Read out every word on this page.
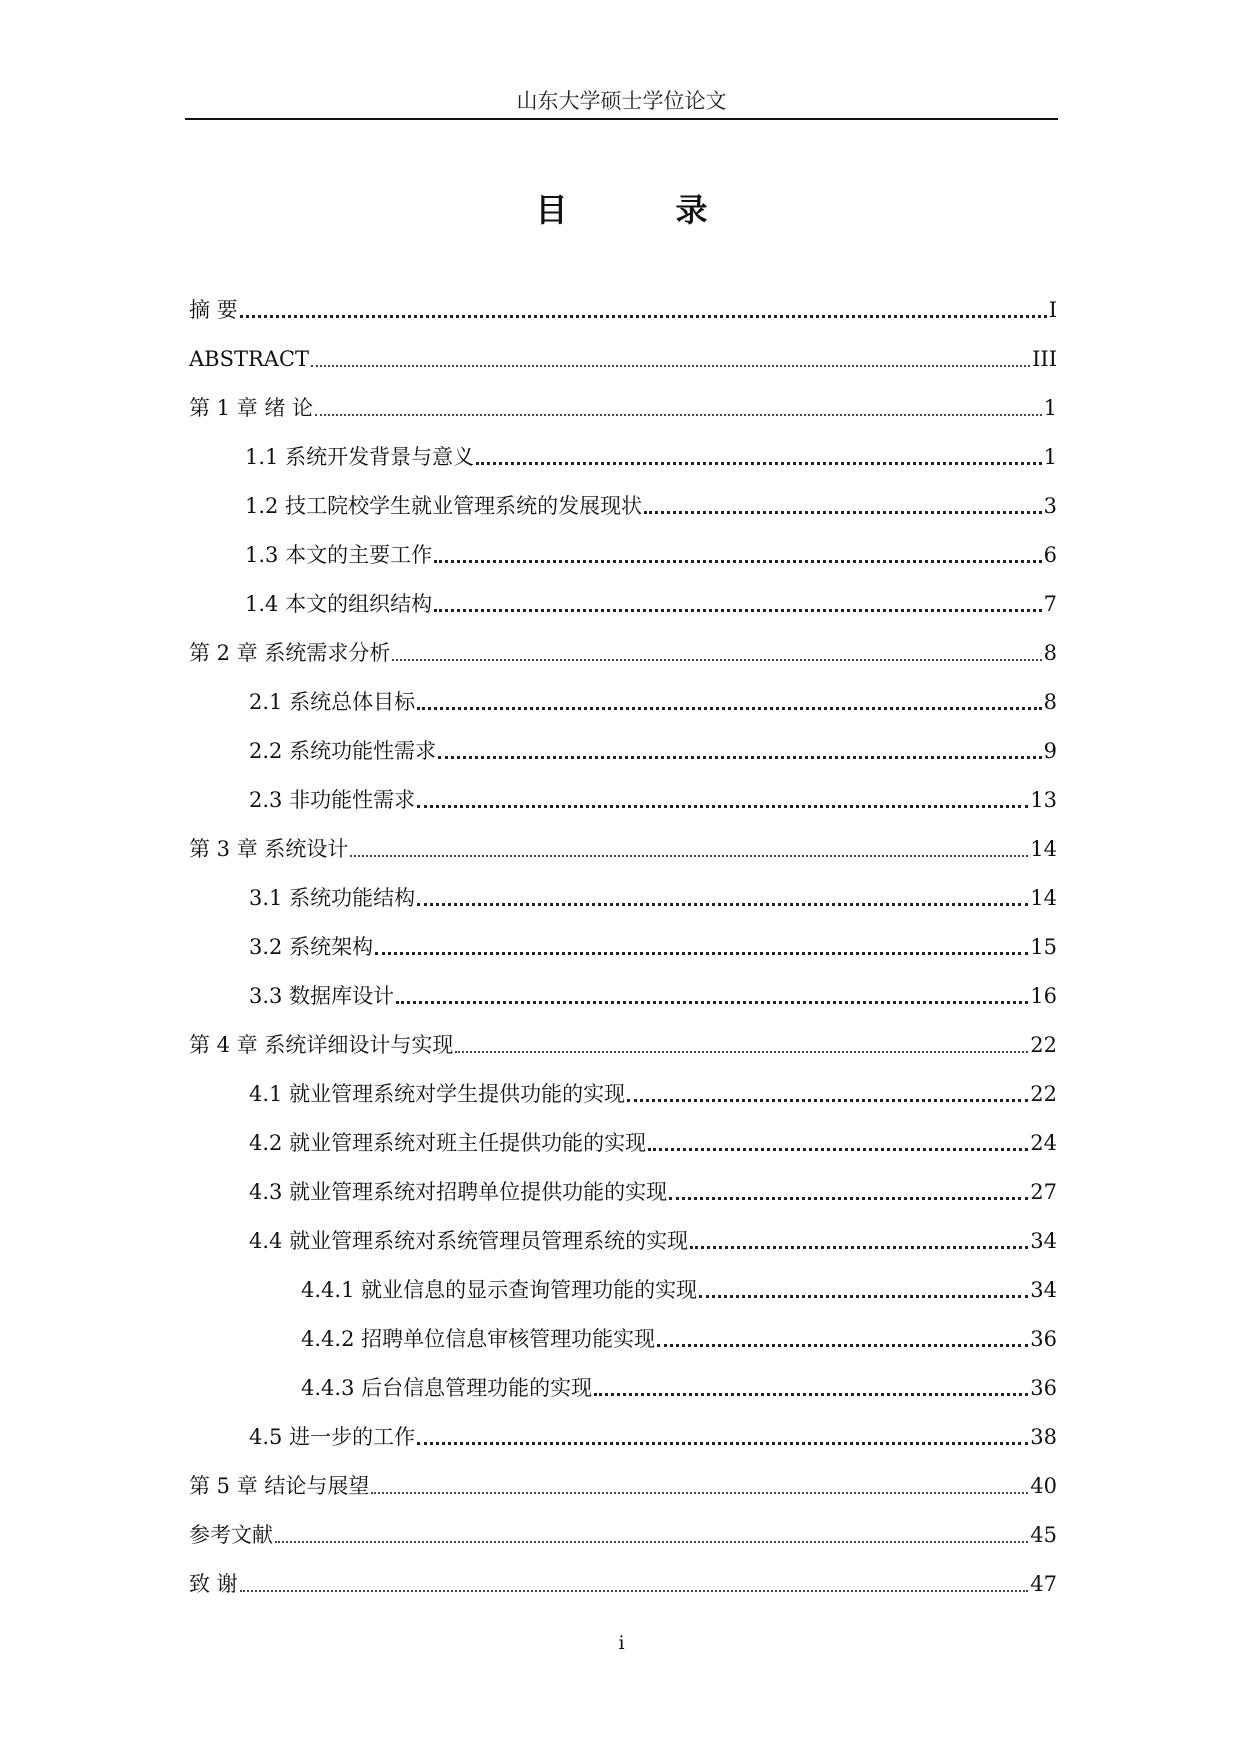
山东大学硕士学位论文
目　录
摘 要	I
ABSTRACT	III
第 1 章 绪 论	1
1.1 系统开发背景与意义	1
1.2 技工院校学生就业管理系统的发展现状	3
1.3 本文的主要工作	6
1.4 本文的组织结构	7
第 2 章 系统需求分析	8
2.1 系统总体目标	8
2.2 系统功能性需求	9
2.3 非功能性需求	13
第 3 章 系统设计	14
3.1 系统功能结构	14
3.2 系统架构	15
3.3 数据库设计	16
第 4 章 系统详细设计与实现	22
4.1 就业管理系统对学生提供功能的实现	22
4.2 就业管理系统对班主任提供功能的实现	24
4.3 就业管理系统对招聘单位提供功能的实现	27
4.4 就业管理系统对系统管理员管理系统的实现	34
4.4.1 就业信息的显示查询管理功能的实现	34
4.4.2 招聘单位信息审核管理功能实现	36
4.4.3 后台信息管理功能的实现	36
4.5 进一步的工作	38
第 5 章 结论与展望	40
参考文献	45
致 谢	47
i
